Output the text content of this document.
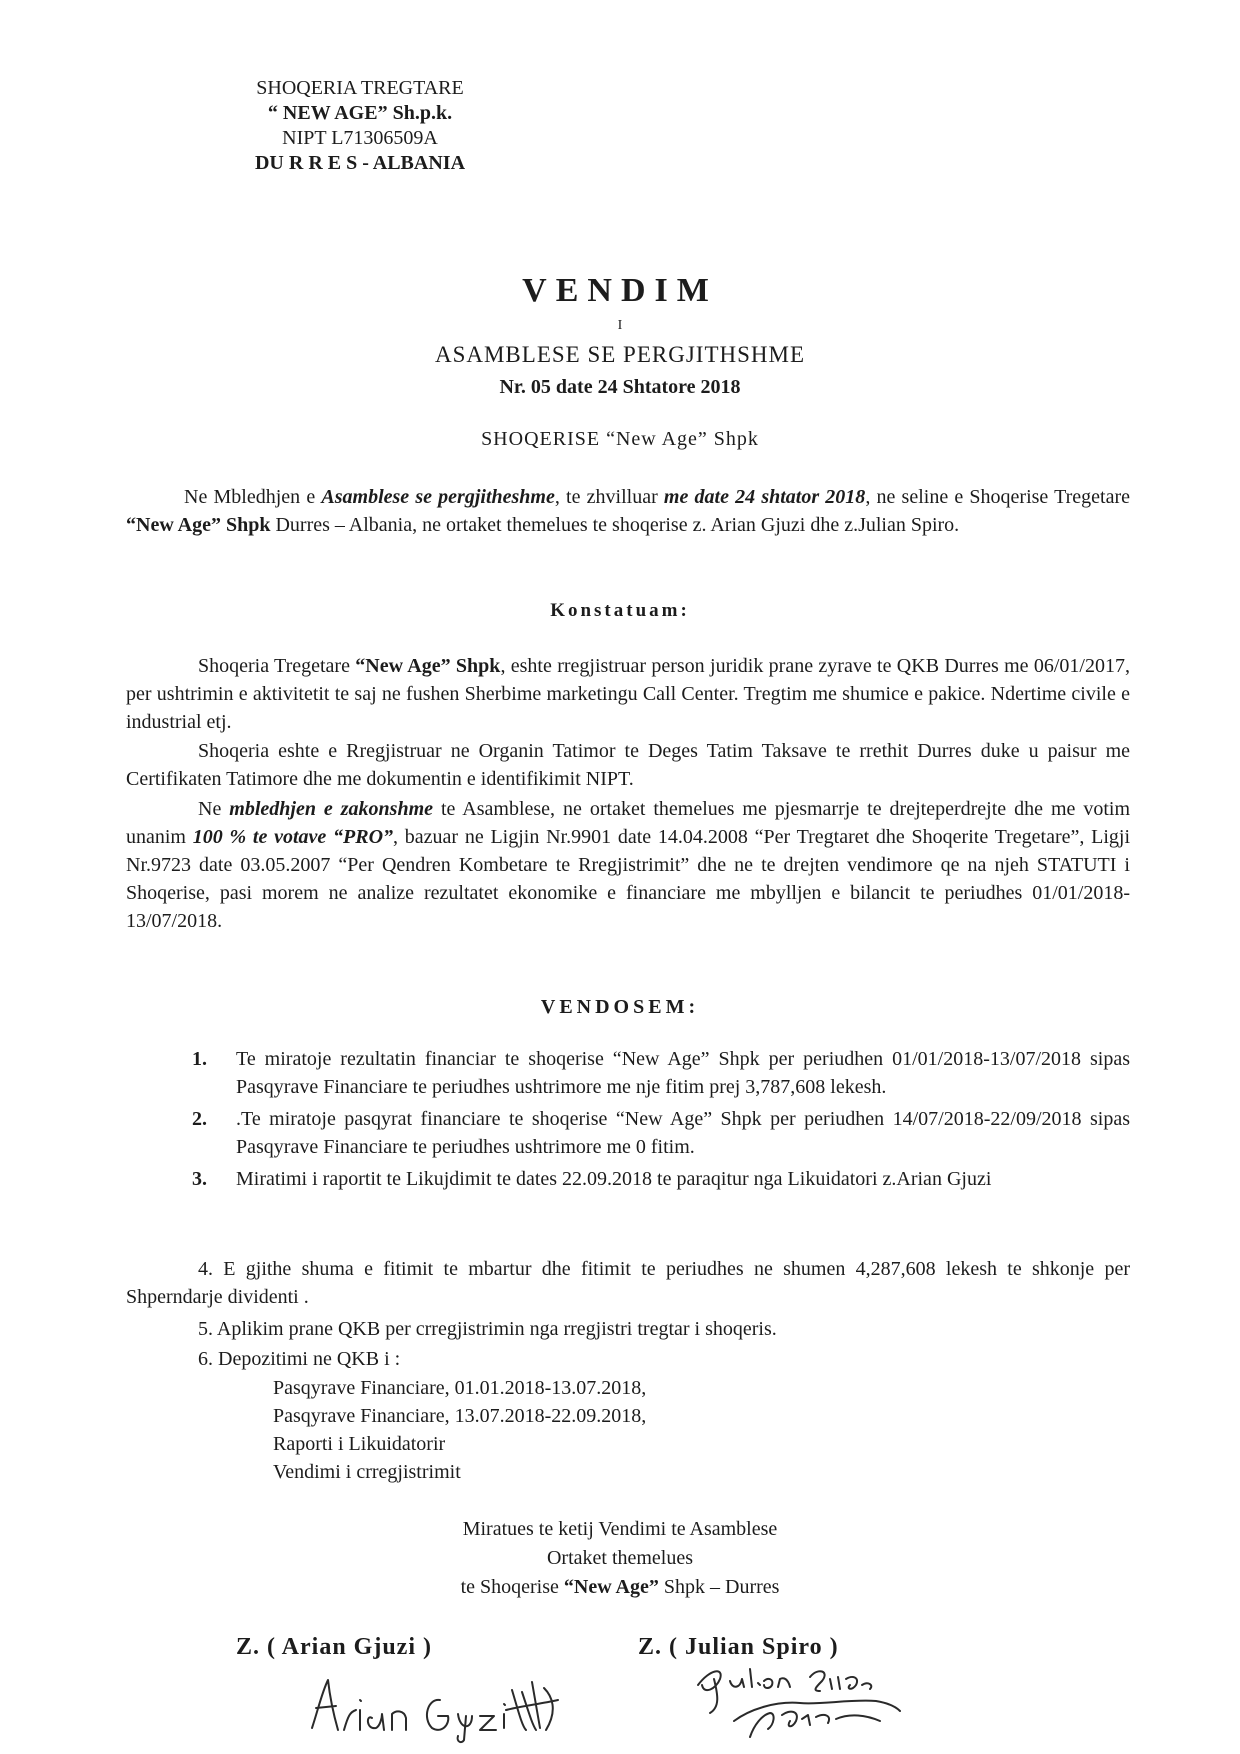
SHOQERIA TREGTARE
“ NEW AGE” Sh.p.k.
NIPT L71306509A
DU R R E S - ALBANIA
VENDIM
I
ASAMBLESE SE PERGJITHSHME
Nr. 05 date 24 Shtatore 2018
SHOQERISE “New Age” Shpk
Ne Mbledhjen e Asamblese se pergjitheshme, te zhvilluar me date 24 shtator 2018, ne seline e Shoqerise Tregetare “New Age” Shpk Durres – Albania, ne ortaket themelues te shoqerise z. Arian Gjuzi dhe z.Julian Spiro.
Konstatuam:
Shoqeria Tregetare “New Age” Shpk, eshte rregjistruar person juridik prane zyrave te QKB Durres me 06/01/2017, per ushtrimin e aktivitetit te saj ne fushen Sherbime marketingu Call Center. Tregtim me shumice e pakice. Ndertime civile e industrial etj.
Shoqeria eshte e Rregjistruar ne Organin Tatimor te Deges Tatim Taksave te rrethit Durres duke u paisur me Certifikaten Tatimore dhe me dokumentin e identifikimit NIPT.
Ne mbledhjen e zakonshme te Asamblese, ne ortaket themelues me pjesmarrje te drejteperdrejte dhe me votim unanim 100 % te votave “PRO”, bazuar ne Ligjin Nr.9901 date 14.04.2008 “Per Tregtaret dhe Shoqerite Tregetare”, Ligji Nr.9723 date 03.05.2007 “Per Qendren Kombetare te Rregjistrimit” dhe ne te drejten vendimore qe na njeh STATUTI i Shoqerise, pasi morem ne analize rezultatet ekonomike e financiare me mbylljen e bilancit te periudhes 01/01/2018-13/07/2018.
VENDOSEM:
1.	Te miratoje rezultatin financiar te shoqerise “New Age” Shpk per periudhen 01/01/2018-13/07/2018 sipas Pasqyrave Financiare te periudhes ushtrimore me nje fitim prej 3,787,608 lekesh.
2.	.Te miratoje pasqyrat financiare te shoqerise “New Age” Shpk per periudhen 14/07/2018-22/09/2018 sipas Pasqyrave Financiare te periudhes ushtrimore me 0 fitim.
3.	Miratimi i raportit te Likujdimit te dates 22.09.2018 te paraqitur nga Likuidatori z.Arian Gjuzi
4. E gjithe shuma e fitimit te mbartur dhe fitimit te periudhes ne shumen 4,287,608 lekesh te shkonje per Shperndarje dividenti .
5. Aplikim prane QKB per crregjistrimin nga rregjistri tregtar i shoqeris.
6. Depozitimi ne QKB i :
Pasqyrave Financiare, 01.01.2018-13.07.2018,
Pasqyrave Financiare, 13.07.2018-22.09.2018,
Raporti i Likuidatorir
Vendimi i crregjistrimit
Miratues te ketij Vendimi te Asamblese
Ortaket themelues
te Shoqerise “New Age” Shpk – Durres
Z. ( Arian Gjuzi )	Z. ( Julian Spiro )
